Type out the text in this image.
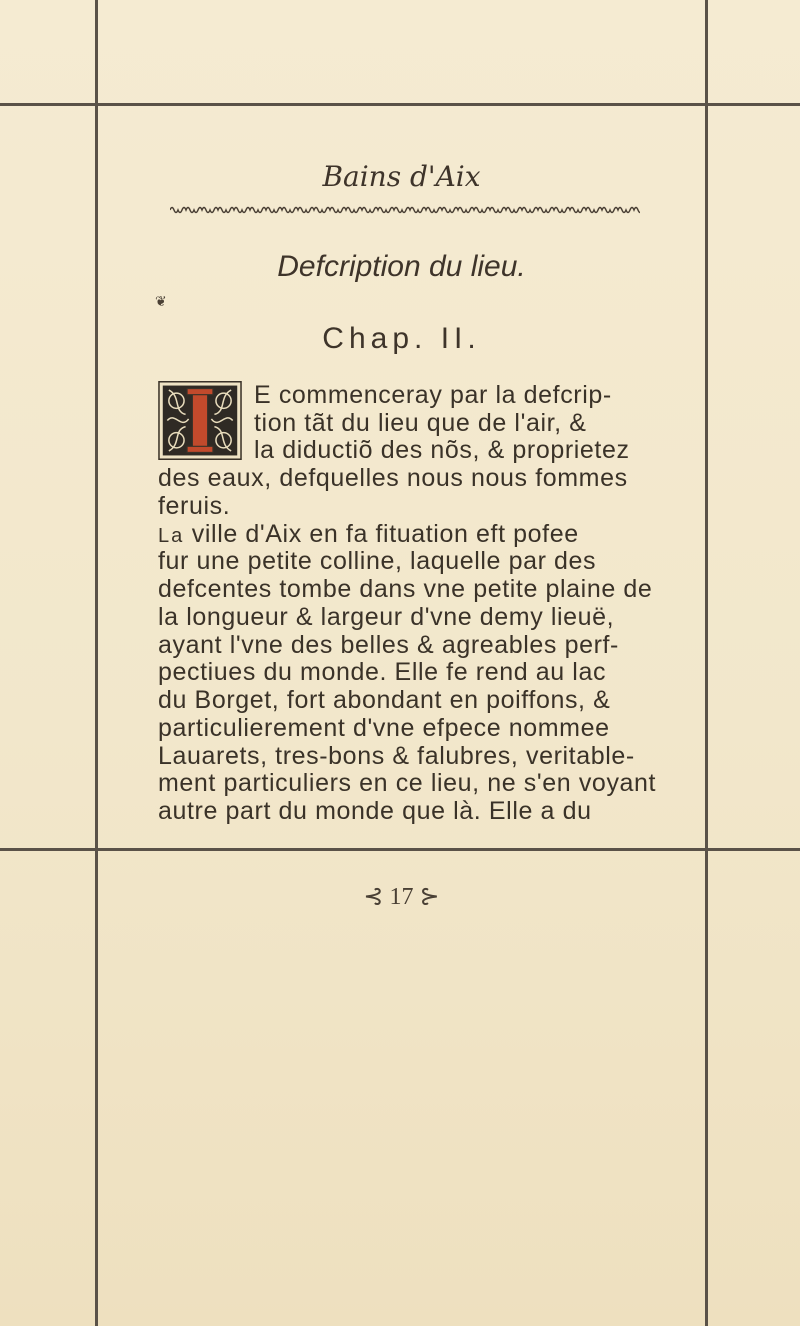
Bains d'Aix
Defcription du lieu.
❦
Chap. II.
E commenceray par la defcrip-
tion tãt du lieu que de l'air, &
la diductiõ des nõs, & proprietez
des eaux, defquelles nous nous fommes
feruis.
La ville d'Aix en fa fituation eft pofee
fur une petite colline, laquelle par des
defcentes tombe dans vne petite plaine de
la longueur & largeur d'vne demy lieuë,
ayant l'vne des belles & agreables perf-
pectiues du monde. Elle fe rend au lac
du Borget, fort abondant en poiffons, &
particulierement d'vne efpece nommee
Lauarets, tres-bons & falubres, veritable-
ment particuliers en ce lieu, ne s'en voyant
autre part du monde que là. Elle a du
⊰ 17 ⊱
